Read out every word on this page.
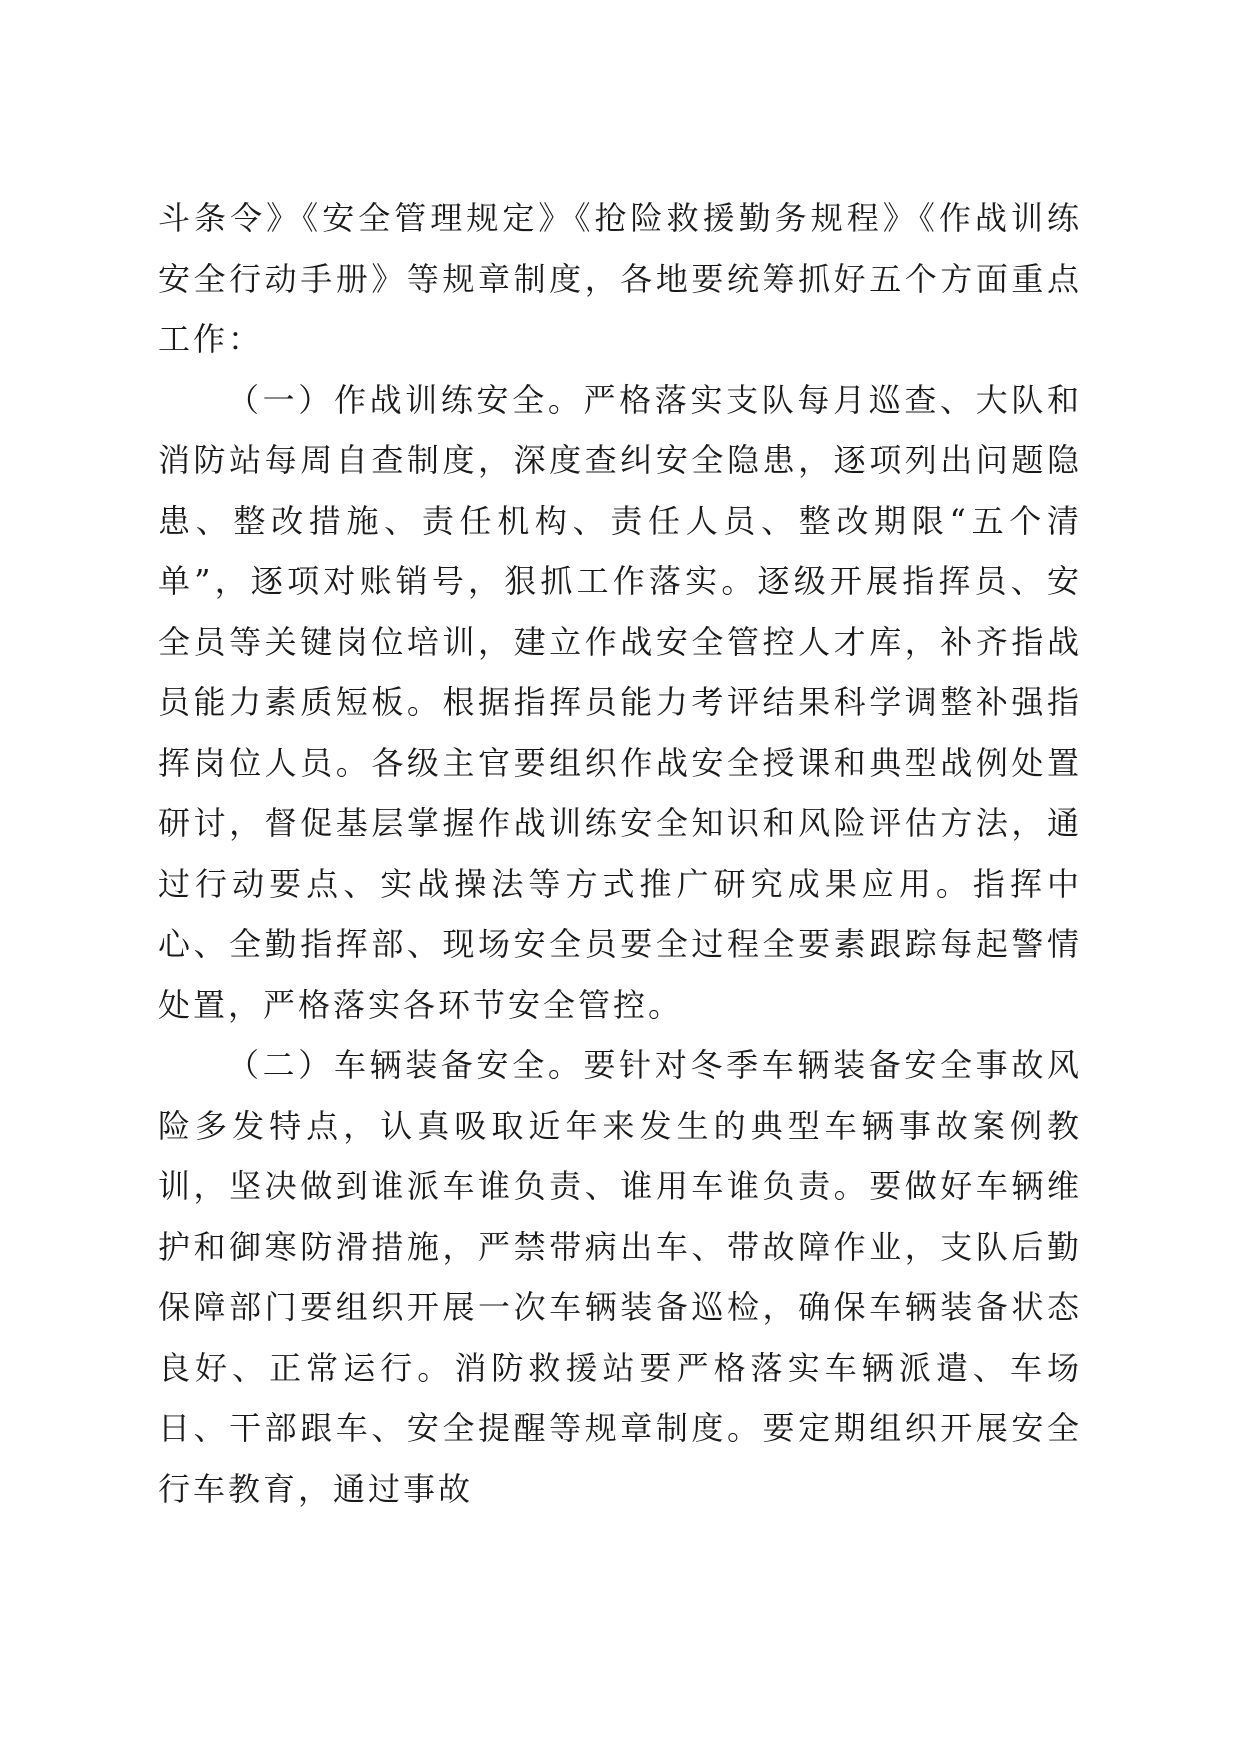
斗条令》《安全管理规定》《抢险救援勤务规程》《作战训练安全行动手册》等规章制度，各地要统筹抓好五个方面重点工作：

（一）作战训练安全。严格落实支队每月巡查、大队和消防站每周自查制度，深度查纠安全隐患，逐项列出问题隐患、整改措施、责任机构、责任人员、整改期限“五个清单”，逐项对账销号，狠抓工作落实。逐级开展指挥员、安全员等关键岗位培训，建立作战安全管控人才库，补齐指战员能力素质短板。根据指挥员能力考评结果科学调整补强指挥岗位人员。各级主官要组织作战安全授课和典型战例处置研讨，督促基层掌握作战训练安全知识和风险评估方法，通过行动要点、实战操法等方式推广研究成果应用。指挥中心、全勤指挥部、现场安全员要全过程全要素跟踪每起警情处置，严格落实各环节安全管控。

（二）车辆装备安全。要针对冬季车辆装备安全事故风险多发特点，认真吸取近年来发生的典型车辆事故案例教训，坚决做到谁派车谁负责、谁用车谁负责。要做好车辆维护和御寒防滑措施，严禁带病出车、带故障作业，支队后勤保障部门要组织开展一次车辆装备巡检，确保车辆装备状态良好、正常运行。消防救援站要严格落实车辆派遣、车场日、干部跟车、安全提醒等规章制度。要定期组织开展安全行车教育，通过事故
